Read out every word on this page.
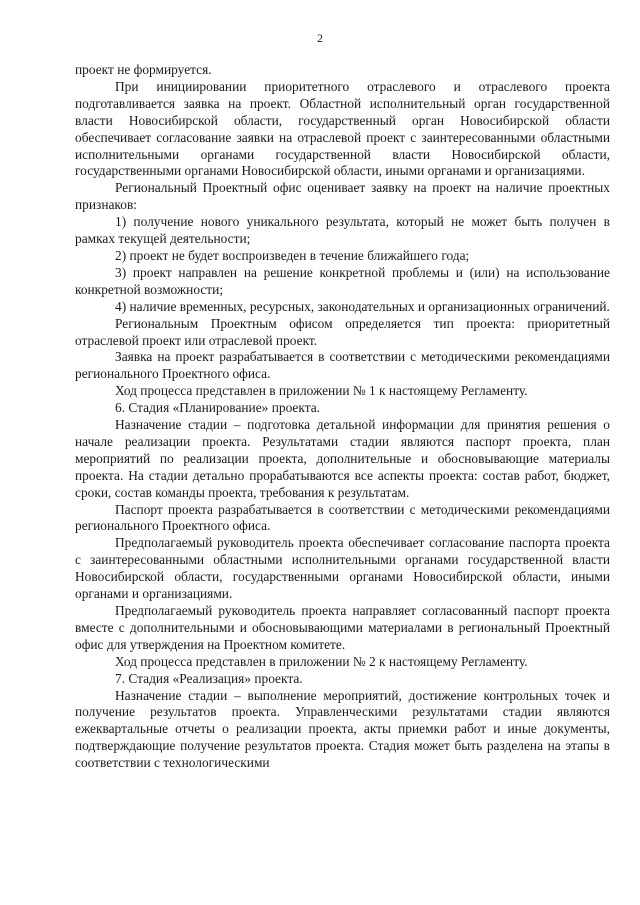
2

проект не формируется.

При инициировании приоритетного отраслевого и отраслевого проекта подготавливается заявка на проект. Областной исполнительный орган государственной власти Новосибирской области, государственный орган Новосибирской области обеспечивает согласование заявки на отраслевой проект с заинтересованными областными исполнительными органами государственной власти Новосибирской области, государственными органами Новосибирской области, иными органами и организациями.

Региональный Проектный офис оценивает заявку на проект на наличие проектных признаков:

1) получение нового уникального результата, который не может быть получен в рамках текущей деятельности;

2) проект не будет воспроизведен в течение ближайшего года;

3) проект направлен на решение конкретной проблемы и (или) на использование конкретной возможности;

4) наличие временных, ресурсных, законодательных и организационных ограничений.

Региональным Проектным офисом определяется тип проекта: приоритетный отраслевой проект или отраслевой проект.

Заявка на проект разрабатывается в соответствии с методическими рекомендациями регионального Проектного офиса.

Ход процесса представлен в приложении № 1 к настоящему Регламенту.

6. Стадия «Планирование» проекта.

Назначение стадии – подготовка детальной информации для принятия решения о начале реализации проекта. Результатами стадии являются паспорт проекта, план мероприятий по реализации проекта, дополнительные и обосновывающие материалы проекта. На стадии детально прорабатываются все аспекты проекта: состав работ, бюджет, сроки, состав команды проекта, требования к результатам.

Паспорт проекта разрабатывается в соответствии с методическими рекомендациями регионального Проектного офиса.

Предполагаемый руководитель проекта обеспечивает согласование паспорта проекта с заинтересованными областными исполнительными органами государственной власти Новосибирской области, государственными органами Новосибирской области, иными органами и организациями.

Предполагаемый руководитель проекта направляет согласованный паспорт проекта вместе с дополнительными и обосновывающими материалами в региональный Проектный офис для утверждения на Проектном комитете.

Ход процесса представлен в приложении № 2 к настоящему Регламенту.

7. Стадия «Реализация» проекта.

Назначение стадии – выполнение мероприятий, достижение контрольных точек и получение результатов проекта. Управленческими результатами стадии являются ежеквартальные отчеты о реализации проекта, акты приемки работ и иные документы, подтверждающие получение результатов проекта. Стадия может быть разделена на этапы в соответствии с технологическими
